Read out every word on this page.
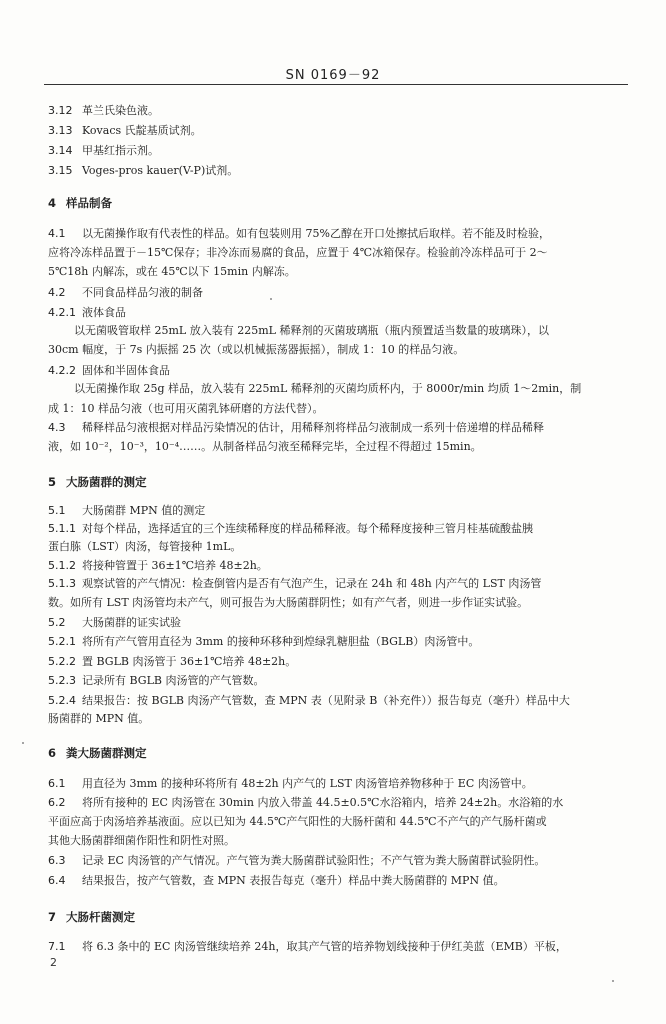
SN 0169－92
3.12 革兰氏染色液。
3.13 Kovacs 氏靛基质试剂。
3.14 甲基红指示剂。
3.15 Voges-pros kauer(V-P)试剂。
4 样品制备
4.1 以无菌操作取有代表性的样品。如有包装则用 75%乙醇在开口处擦拭后取样。若不能及时检验，
应将冷冻样品置于－15℃保存；非冷冻而易腐的食品，应置于 4℃冰箱保存。检验前冷冻样品可于 2～
5℃18h 内解冻，或在 45℃以下 15min 内解冻。
4.2 不同食品样品匀液的制备
4.2.1 液体食品
以无菌吸管取样 25mL 放入装有 225mL 稀释剂的灭菌玻璃瓶（瓶内预置适当数量的玻璃珠），以
30cm 幅度，于 7s 内振摇 25 次（或以机械振荡器振摇），制成 1：10 的样品匀液。
4.2.2 固体和半固体食品
以无菌操作取 25g 样品，放入装有 225mL 稀释剂的灭菌均质杯内，于 8000r/min 均质 1～2min，制
成 1：10 样品匀液（也可用灭菌乳钵研磨的方法代替）。
4.3 稀释样品匀液根据对样品污染情况的估计，用稀释剂将样品匀液制成一系列十倍递增的样品稀释
液，如 10⁻²，10⁻³，10⁻⁴……。从制备样品匀液至稀释完毕，全过程不得超过 15min。
5 大肠菌群的测定
5.1 大肠菌群 MPN 值的测定
5.1.1 对每个样品，选择适宜的三个连续稀释度的样品稀释液。每个稀释度接种三管月桂基硫酸盐胰
蛋白胨（LST）肉汤，每管接种 1mL。
5.1.2 将接种管置于 36±1℃培养 48±2h。
5.1.3 观察试管的产气情况：检查倒管内是否有气泡产生，记录在 24h 和 48h 内产气的 LST 肉汤管
数。如所有 LST 肉汤管均未产气，则可报告为大肠菌群阴性；如有产气者，则进一步作证实试验。
5.2 大肠菌群的证实试验
5.2.1 将所有产气管用直径为 3mm 的接种环移种到煌绿乳糖胆盐（BGLB）肉汤管中。
5.2.2 置 BGLB 肉汤管于 36±1℃培养 48±2h。
5.2.3 记录所有 BGLB 肉汤管的产气管数。
5.2.4 结果报告：按 BGLB 肉汤产气管数，查 MPN 表（见附录 B（补充件））报告每克（毫升）样品中大
肠菌群的 MPN 值。
6 粪大肠菌群测定
6.1 用直径为 3mm 的接种环将所有 48±2h 内产气的 LST 肉汤管培养物移种于 EC 肉汤管中。
6.2 将所有接种的 EC 肉汤管在 30min 内放入带盖 44.5±0.5℃水浴箱内，培养 24±2h。水浴箱的水
平面应高于肉汤培养基液面。应以已知为 44.5℃产气阳性的大肠杆菌和 44.5℃不产气的产气肠杆菌或
其他大肠菌群细菌作阳性和阴性对照。
6.3 记录 EC 肉汤管的产气情况。产气管为粪大肠菌群试验阳性；不产气管为粪大肠菌群试验阴性。
6.4 结果报告，按产气管数，查 MPN 表报告每克（毫升）样品中粪大肠菌群的 MPN 值。
7 大肠杆菌测定
7.1 将 6.3 条中的 EC 肉汤管继续培养 24h，取其产气管的培养物划线接种于伊红美蓝（EMB）平板，
2
